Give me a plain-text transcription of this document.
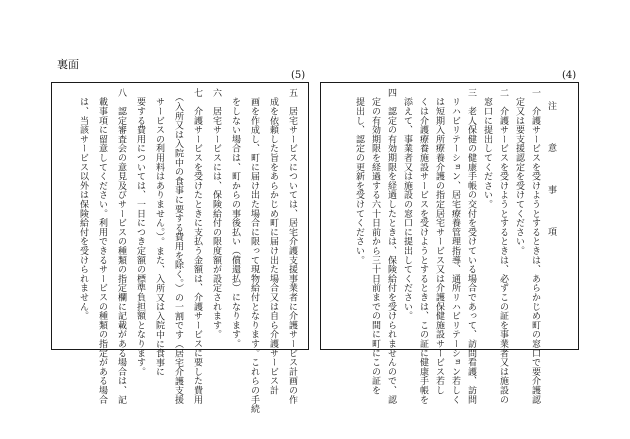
裏面
(5)	(4)
注　意　事　項
一　介護サービスを受けようとするときは、あらかじめ町の窓口で要介護認
　定又は要支援認定を受けてください。
二　介護サービスを受けようとするときは、必ずこの証を事業者又は施設の
　窓口に提出してください。
三　老人保健の健康手帳の交付を受けている場合であって、訪問看護、訪問
　リハビリテーション、居宅療養管理指導、通所リハビリテーション若しく
　は短期入所療養介護の指定居宅サービス又は介護保健施設サービス若し
　くは介護療養施設サービスを受けようとするときは、この証に健康手帳を
　添えて、事業者又は施設の窓口に提出してください。
四　認定の有効期限を経過したときは、保険給付を受けられませんので、認
　定の有効期限を経過する六十日前から三十日前までの間に町にこの証を
　提出し、認定の更新を受けてください。
五　居宅サービスについては、居宅介護支援事業者に介護サービス計画の作
　成を依頼した旨をあらかじめ町に届け出た場合又は自ら介護サービス計
　画を作成し、町に届け出た場合に限って現物給付となります。これらの手続
　をしない場合は、町からの事後払い（償還払）になります。
六　居宅サービスには、保険給付の限度額が設定されます。
七　介護サービスを受けたときに支払う金額は、介護サービスに要した費用
　（入所又は入院中の食事に要する費用を除く。）の一割です（居宅介護支援
　サービスの利用料はありません。）。また、入所又は入院中に食事に
　要する費用については、一日につき定額の標準負担額となります。
八　認定審査会の意見及びサービスの種類の指定欄に記載がある場合は、記
　載事項に留意してください。利用できるサービスの種類の指定がある場合
　は、当該サービス以外は保険給付を受けられません。
